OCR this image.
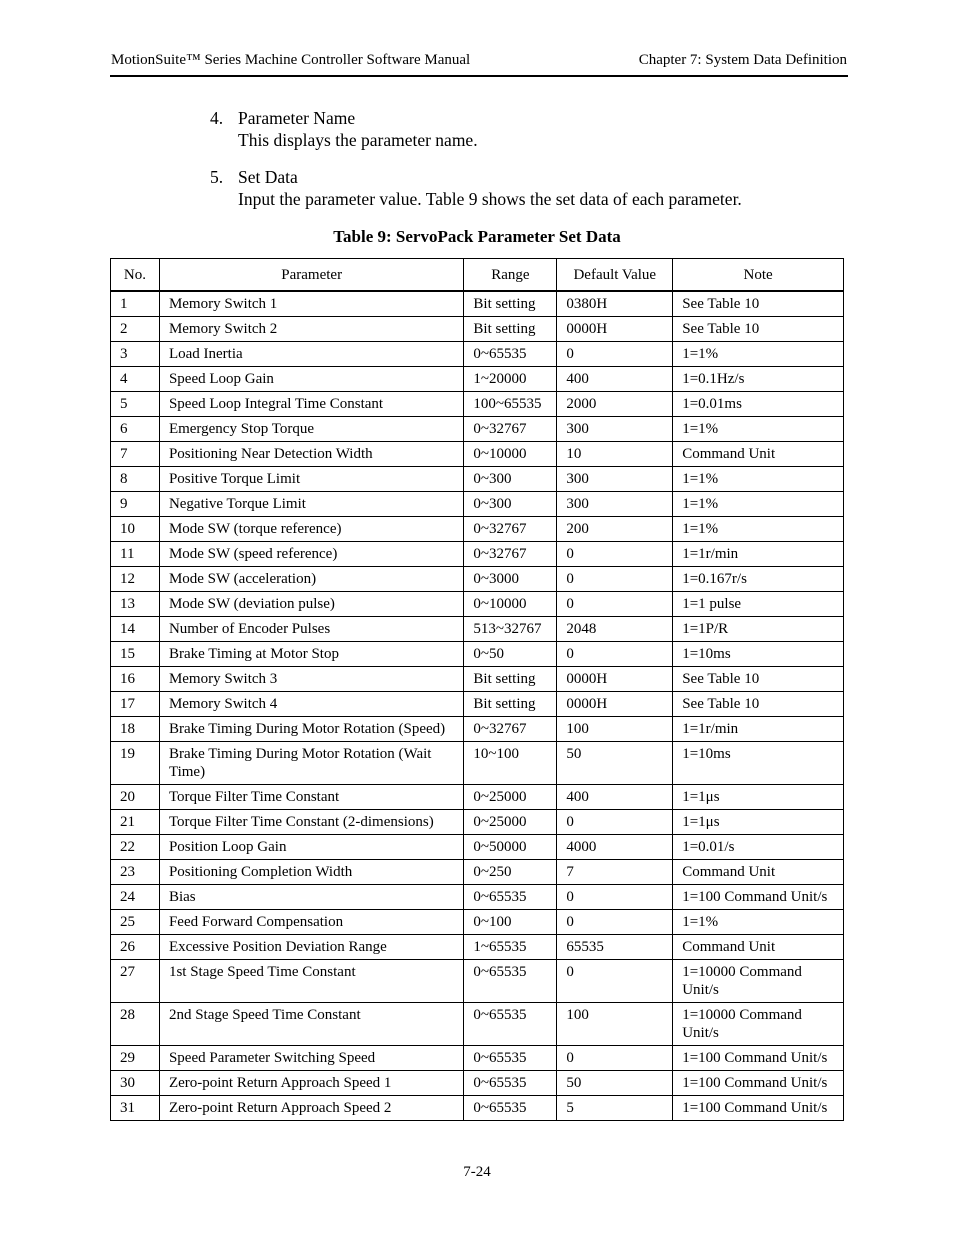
MotionSuite™ Series Machine Controller Software Manual	Chapter 7: System Data Definition
4. Parameter Name
This displays the parameter name.
5. Set Data
Input the parameter value. Table 9 shows the set data of each parameter.
Table 9: ServoPack Parameter Set Data
No.	Parameter	Range	Default Value	Note
1	Memory Switch 1	Bit setting	0380H	See Table 10
2	Memory Switch 2	Bit setting	0000H	See Table 10
3	Load Inertia	0~65535	0	1=1%
4	Speed Loop Gain	1~20000	400	1=0.1Hz/s
5	Speed Loop Integral Time Constant	100~65535	2000	1=0.01ms
6	Emergency Stop Torque	0~32767	300	1=1%
7	Positioning Near Detection Width	0~10000	10	Command Unit
8	Positive Torque Limit	0~300	300	1=1%
9	Negative Torque Limit	0~300	300	1=1%
10	Mode SW (torque reference)	0~32767	200	1=1%
11	Mode SW (speed reference)	0~32767	0	1=1r/min
12	Mode SW (acceleration)	0~3000	0	1=0.167r/s
13	Mode SW (deviation pulse)	0~10000	0	1=1 pulse
14	Number of Encoder Pulses	513~32767	2048	1=1P/R
15	Brake Timing at Motor Stop	0~50	0	1=10ms
16	Memory Switch 3	Bit setting	0000H	See Table 10
17	Memory Switch 4	Bit setting	0000H	See Table 10
18	Brake Timing During Motor Rotation (Speed)	0~32767	100	1=1r/min
19	Brake Timing During Motor Rotation (Wait Time)	10~100	50	1=10ms
20	Torque Filter Time Constant	0~25000	400	1=1μs
21	Torque Filter Time Constant (2-dimensions)	0~25000	0	1=1μs
22	Position Loop Gain	0~50000	4000	1=0.01/s
23	Positioning Completion Width	0~250	7	Command Unit
24	Bias	0~65535	0	1=100 Command Unit/s
25	Feed Forward Compensation	0~100	0	1=1%
26	Excessive Position Deviation Range	1~65535	65535	Command Unit
27	1st Stage Speed Time Constant	0~65535	0	1=10000 Command Unit/s
28	2nd Stage Speed Time Constant	0~65535	100	1=10000 Command Unit/s
29	Speed Parameter Switching Speed	0~65535	0	1=100 Command Unit/s
30	Zero-point Return Approach Speed 1	0~65535	50	1=100 Command Unit/s
31	Zero-point Return Approach Speed 2	0~65535	5	1=100 Command Unit/s
7-24
